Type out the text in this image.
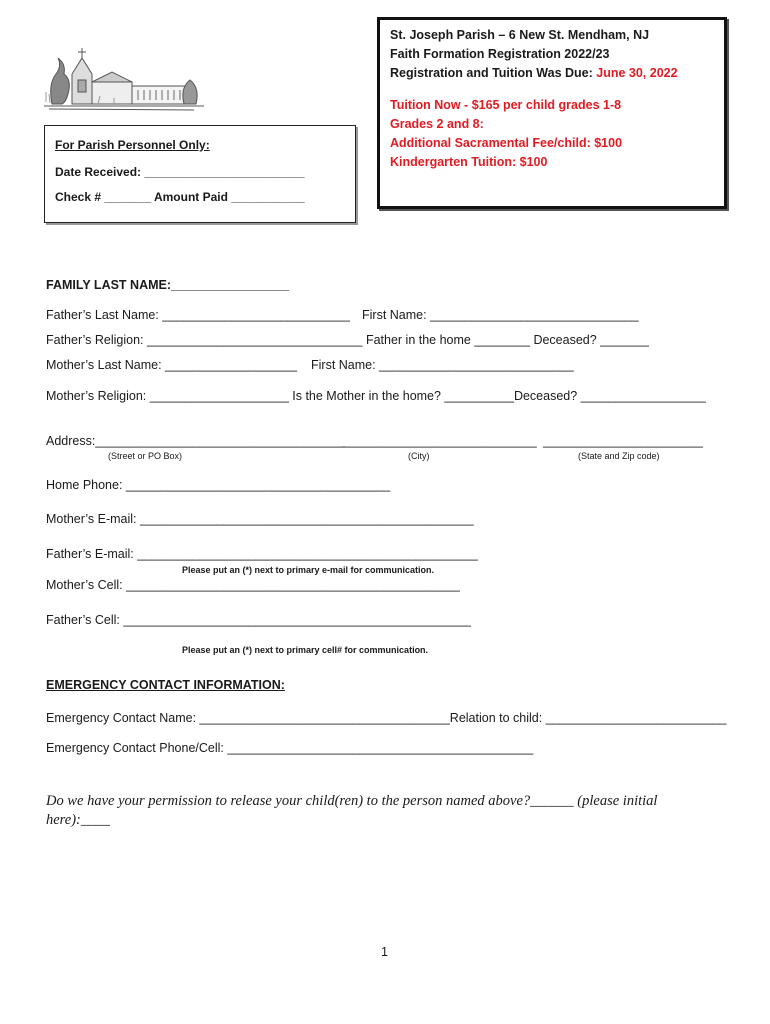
St. Joseph Parish – 6 New St. Mendham, NJ
Faith Formation Registration 2022/23
Registration and Tuition Was Due: June 30, 2022
Tuition Now - $165 per child grades 1-8
Grades 2 and 8:
Additional Sacramental Fee/child: $100
Kindergarten Tuition: $100
For Parish Personnel Only:
Date Received: ________________________
Check # _______ Amount Paid ___________
FAMILY LAST NAME:_________________
Father’s Last Name: ___________________________ First Name: ______________________________
Father’s Religion: _______________________________ Father in the home ________ Deceased? _______
Mother’s Last Name: ___________________ First Name: ____________________________
Mother’s Religion: ____________________ Is the Mother in the home? __________Deceased? __________________
Address:____________________________________
____________________________ _______________________
(Street or PO Box)	(City)	(State and Zip code)
Home Phone: ______________________________________
Mother’s E-mail: ________________________________________________
Father’s E-mail: _________________________________________________
Please put an (*) next to primary e-mail for communication.
Mother’s Cell: ________________________________________________
Father’s Cell: __________________________________________________
Please put an (*) next to primary cell# for communication.
EMERGENCY CONTACT INFORMATION:
Emergency Contact Name: ____________________________________Relation to child: __________________________
Emergency Contact Phone/Cell: ____________________________________________
Do we have your permission to release your child(ren) to the person named above?______ (please initial
here):____
1
